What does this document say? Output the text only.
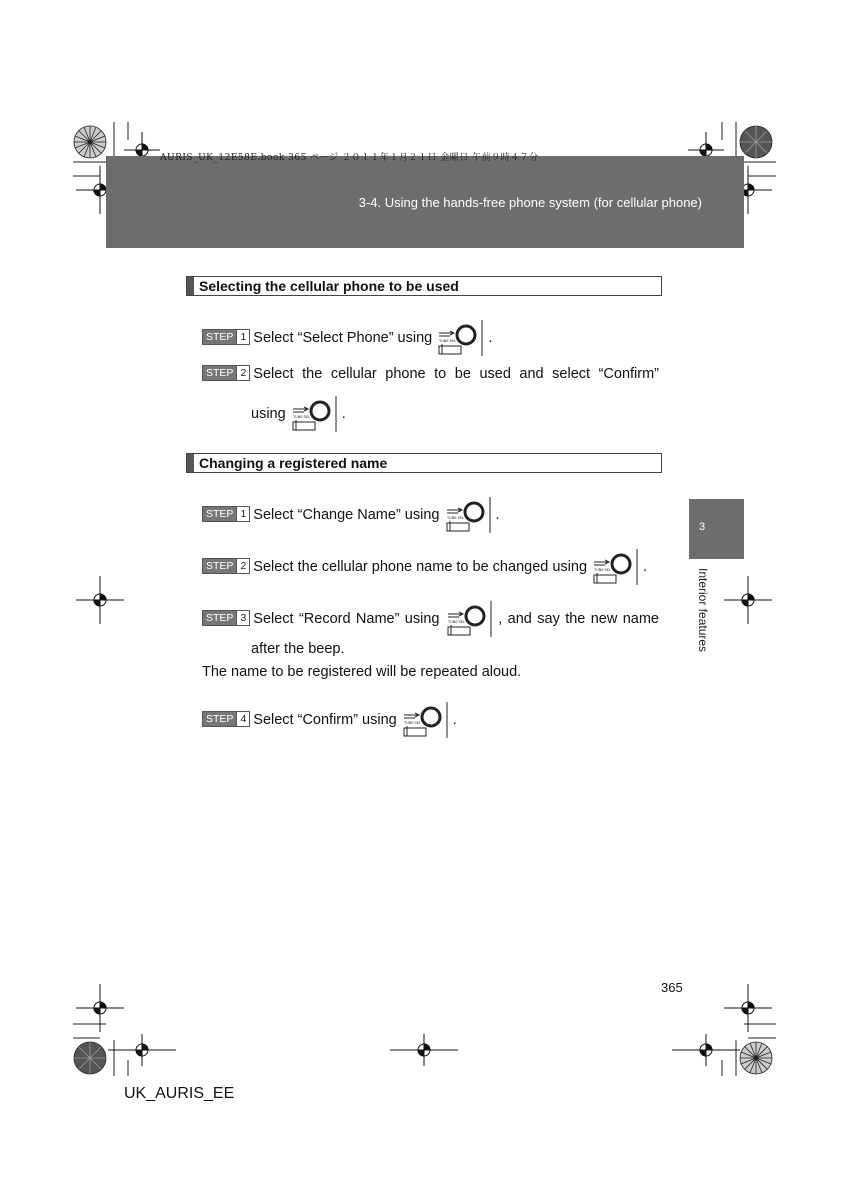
3-4. Using the hands-free phone system (for cellular phone)
AURIS_UK_12E58E.book 365 ページ ２０１１年１月２１日 金曜日 午前９時４７分
3
Interior features
Selecting the cellular phone to be used
STEP 1 Select “Select Phone” using TUNE·SEL .
STEP 2 Select the cellular phone to be used and select “Confirm”
using TUNE·SEL .
Changing a registered name
STEP 1 Select “Change Name” using TUNE·SEL .
STEP 2 Select the cellular phone name to be changed using TUNE·SEL .
STEP 3 Select “Record Name” using TUNE·SEL , and say the new name
after the beep.
The name to be registered will be repeated aloud.
STEP 4 Select “Confirm” using TUNE·SEL .
365
UK_AURIS_EE
